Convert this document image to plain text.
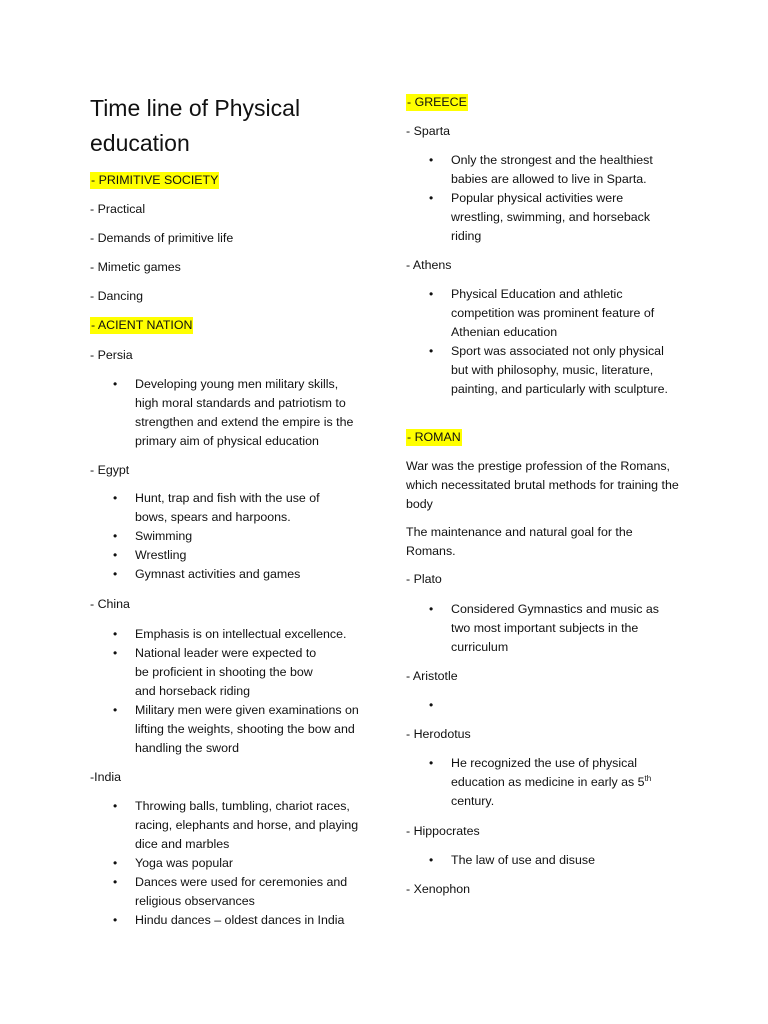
Time line of Physical education

- PRIMITIVE SOCIETY

- Practical

- Demands of primitive life

- Mimetic games

- Dancing

- ACIENT NATION

- Persia

• Developing young men military skills, high moral standards and patriotism to strengthen and extend the empire is the primary aim of physical education

- Egypt

• Hunt, trap and fish with the use of bows, spears and harpoons.
• Swimming
• Wrestling
• Gymnast activities and games

- China

• Emphasis is on intellectual excellence.
• National leader were expected to be proficient in shooting the bow and horseback riding
• Military men were given examinations on lifting the weights, shooting the bow and handling the sword

-India

• Throwing balls, tumbling, chariot races, racing, elephants and horse, and playing dice and marbles
• Yoga was popular
• Dances were used for ceremonies and religious observances
• Hindu dances – oldest dances in India

- GREECE

- Sparta

• Only the strongest and the healthiest babies are allowed to live in Sparta.
• Popular physical activities were wrestling, swimming, and horseback riding

- Athens

• Physical Education and athletic competition was prominent feature of Athenian education
• Sport was associated not only physical but with philosophy, music, literature, painting, and particularly with sculpture.

- ROMAN

War was the prestige profession of the Romans, which necessitated brutal methods for training the body

The maintenance and natural goal for the Romans.

- Plato

• Considered Gymnastics and music as two most important subjects in the curriculum

- Aristotle

•

- Herodotus

• He recognized the use of physical education as medicine in early as 5th century.

- Hippocrates

• The law of use and disuse

- Xenophon
